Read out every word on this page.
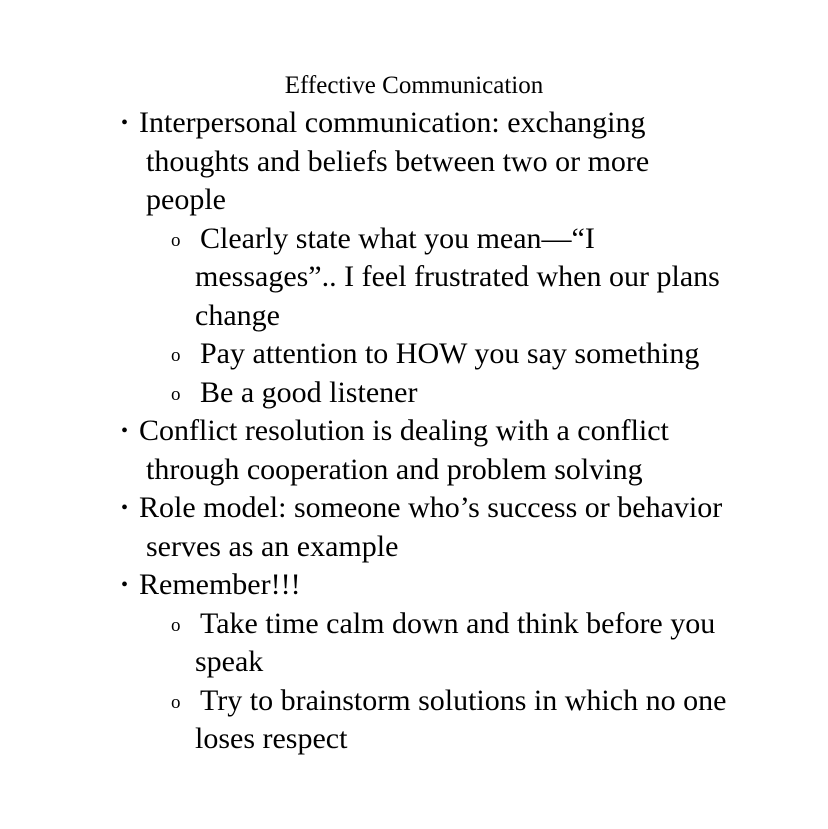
Effective Communication
• Interpersonal communication: exchanging thoughts and beliefs between two or more people
o Clearly state what you mean—“I messages”.. I feel frustrated when our plans change
o Pay attention to HOW you say something
o Be a good listener
• Conflict resolution is dealing with a conflict through cooperation and problem solving
• Role model: someone who’s success or behavior serves as an example
• Remember!!!
o Take time calm down and think before you speak
o Try to brainstorm solutions in which no one loses respect
